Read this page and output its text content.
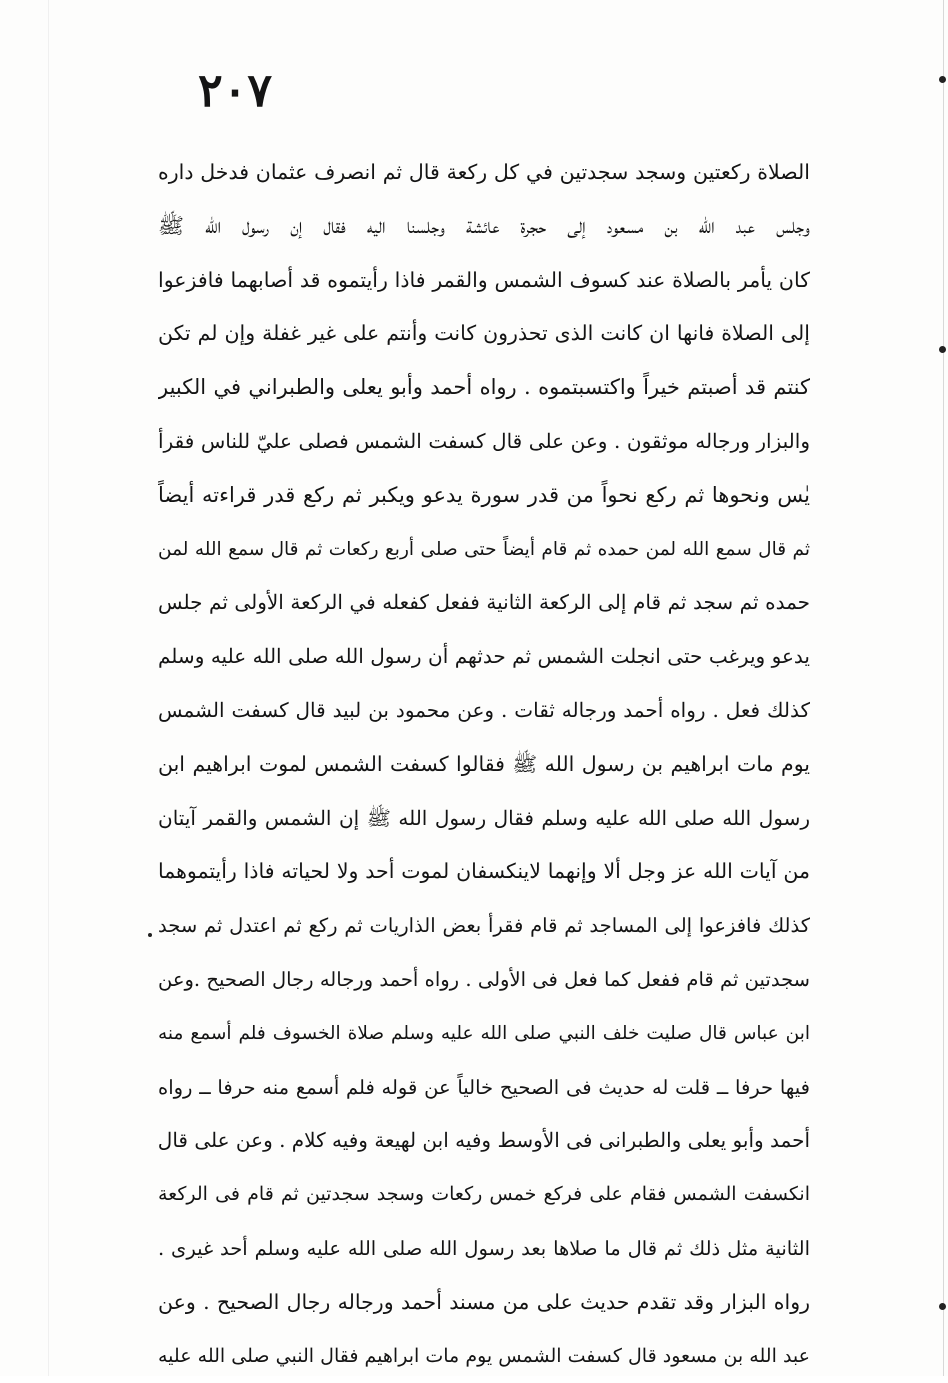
٢٠٧
الصلاة ركعتين وسجد سجدتين في كل ركعة قال ثم انصرف عثمان فدخل داره
وجلس عبد الله بن مسعود إلى حجرة عائشة وجلسنا اليه فقال إن رسول الله ﷺ
كان يأمر بالصلاة عند كسوف الشمس والقمر فاذا رأيتموه قد أصابهما فافزعوا
إلى الصلاة فانها ان كانت الذى تحذرون كانت وأنتم على غير غفلة وإن لم تكن
كنتم قد أصبتم خيراً واكتسبتموه . رواه أحمد وأبو يعلى والطبراني في الكبير
والبزار ورجاله موثقون . وعن على قال كسفت الشمس فصلى عليّ للناس فقرأ
يٰس ونحوها ثم ركع نحواً من قدر سورة يدعو ويكبر ثم ركع قدر قراءته أيضاً
ثم قال سمع الله لمن حمده ثم قام أيضاً حتى صلى أربع ركعات ثم قال سمع الله لمن
حمده ثم سجد ثم قام إلى الركعة الثانية ففعل كفعله في الركعة الأولى ثم جلس
يدعو ويرغب حتى انجلت الشمس ثم حدثهم أن رسول الله صلى الله عليه وسلم
كذلك فعل . رواه أحمد ورجاله ثقات . وعن محمود بن لبيد قال كسفت الشمس
يوم مات ابراهيم بن رسول الله ﷺ فقالوا كسفت الشمس لموت ابراهيم ابن
رسول الله صلى الله عليه وسلم فقال رسول الله ﷺ إن الشمس والقمر آيتان
من آيات الله عز وجل ألا وإنهما لاينكسفان لموت أحد ولا لحياته فاذا رأيتموهما
كذلك فافزعوا إلى المساجد ثم قام فقرأ بعض الذاريات ثم ركع ثم اعتدل ثم سجد
سجدتين ثم قام ففعل كما فعل فى الأولى . رواه أحمد ورجاله رجال الصحيح .وعن
ابن عباس قال صليت خلف النبي صلى الله عليه وسلم صلاة الخسوف فلم أسمع منه
فيها حرفا ــ قلت له حديث فى الصحيح خالياً عن قوله فلم أسمع منه حرفا ــ رواه
أحمد وأبو يعلى والطبرانى فى الأوسط وفيه ابن لهيعة وفيه كلام . وعن على قال
انكسفت الشمس فقام على فركع خمس ركعات وسجد سجدتين ثم قام فى الركعة
الثانية مثل ذلك ثم قال ما صلاها بعد رسول الله صلى الله عليه وسلم أحد غيرى .
رواه البزار وقد تقدم حديث على من مسند أحمد ورجاله رجال الصحيح . وعن
عبد الله بن مسعود قال كسفت الشمس يوم مات ابراهيم فقال النبي صلى الله عليه
